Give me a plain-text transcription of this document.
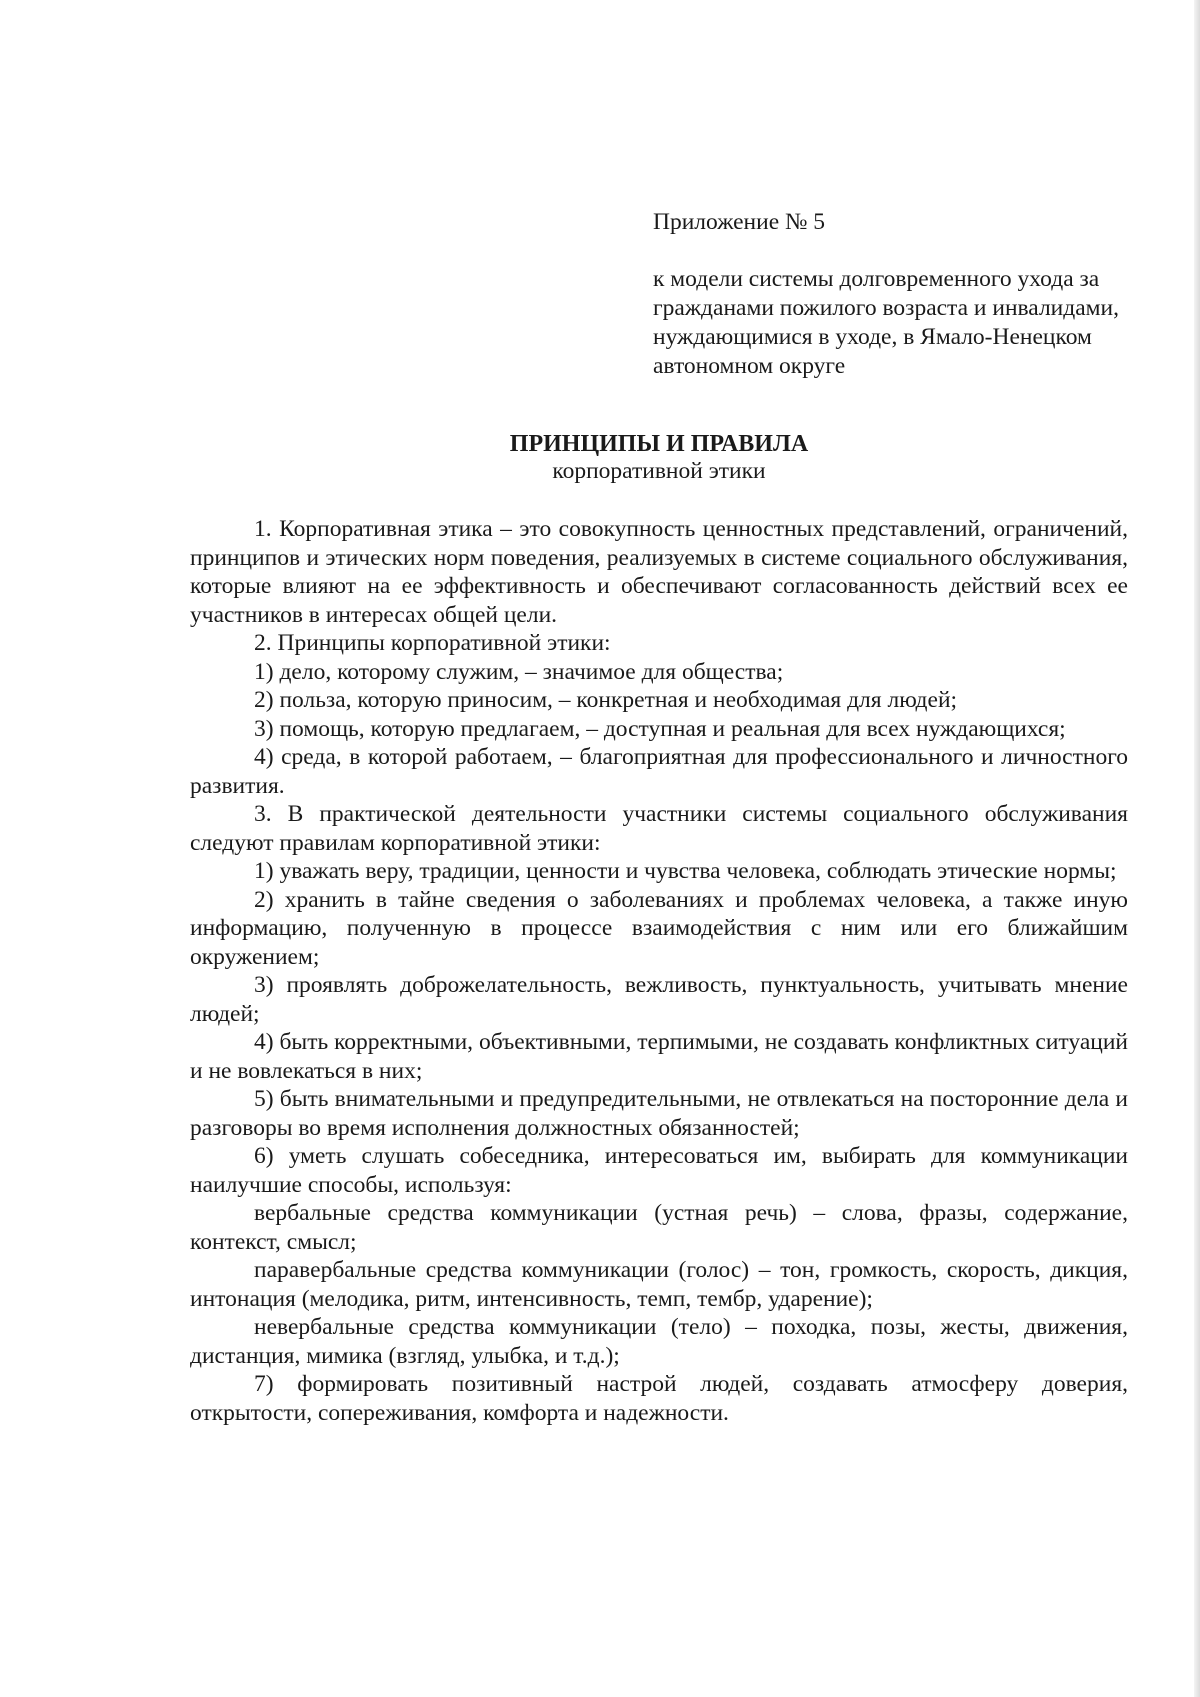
Приложение № 5

к модели системы долговременного ухода за гражданами пожилого возраста и инвалидами, нуждающимися в уходе, в Ямало-Ненецком автономном округе

ПРИНЦИПЫ И ПРАВИЛА

корпоративной этики

1. Корпоративная этика – это совокупность ценностных представлений, ограничений, принципов и этических норм поведения, реализуемых в системе социального обслуживания, которые влияют на ее эффективность и обеспечивают согласованность действий всех ее участников в интересах общей цели.

2. Принципы корпоративной этики:

1) дело, которому служим, – значимое для общества;

2) польза, которую приносим, – конкретная и необходимая для людей;

3) помощь, которую предлагаем, – доступная и реальная для всех нуждающихся;

4) среда, в которой работаем, – благоприятная для профессионального и личностного развития.

3. В практической деятельности участники системы социального обслуживания следуют правилам корпоративной этики:

1) уважать веру, традиции, ценности и чувства человека, соблюдать этические нормы;

2) хранить в тайне сведения о заболеваниях и проблемах человека, а также иную информацию, полученную в процессе взаимодействия с ним или его ближайшим окружением;

3) проявлять доброжелательность, вежливость, пунктуальность, учитывать мнение людей;

4) быть корректными, объективными, терпимыми, не создавать конфликтных ситуаций и не вовлекаться в них;

5) быть внимательными и предупредительными, не отвлекаться на посторонние дела и разговоры во время исполнения должностных обязанностей;

6) уметь слушать собеседника, интересоваться им, выбирать для коммуникации наилучшие способы, используя:

вербальные средства коммуникации (устная речь) – слова, фразы, содержание, контекст, смысл;

паравербальные средства коммуникации (голос) – тон, громкость, скорость, дикция, интонация (мелодика, ритм, интенсивность, темп, тембр, ударение);

невербальные средства коммуникации (тело) – походка, позы, жесты, движения, дистанция, мимика (взгляд, улыбка, и т.д.);

7) формировать позитивный настрой людей, создавать атмосферу доверия, открытости, сопереживания, комфорта и надежности.
